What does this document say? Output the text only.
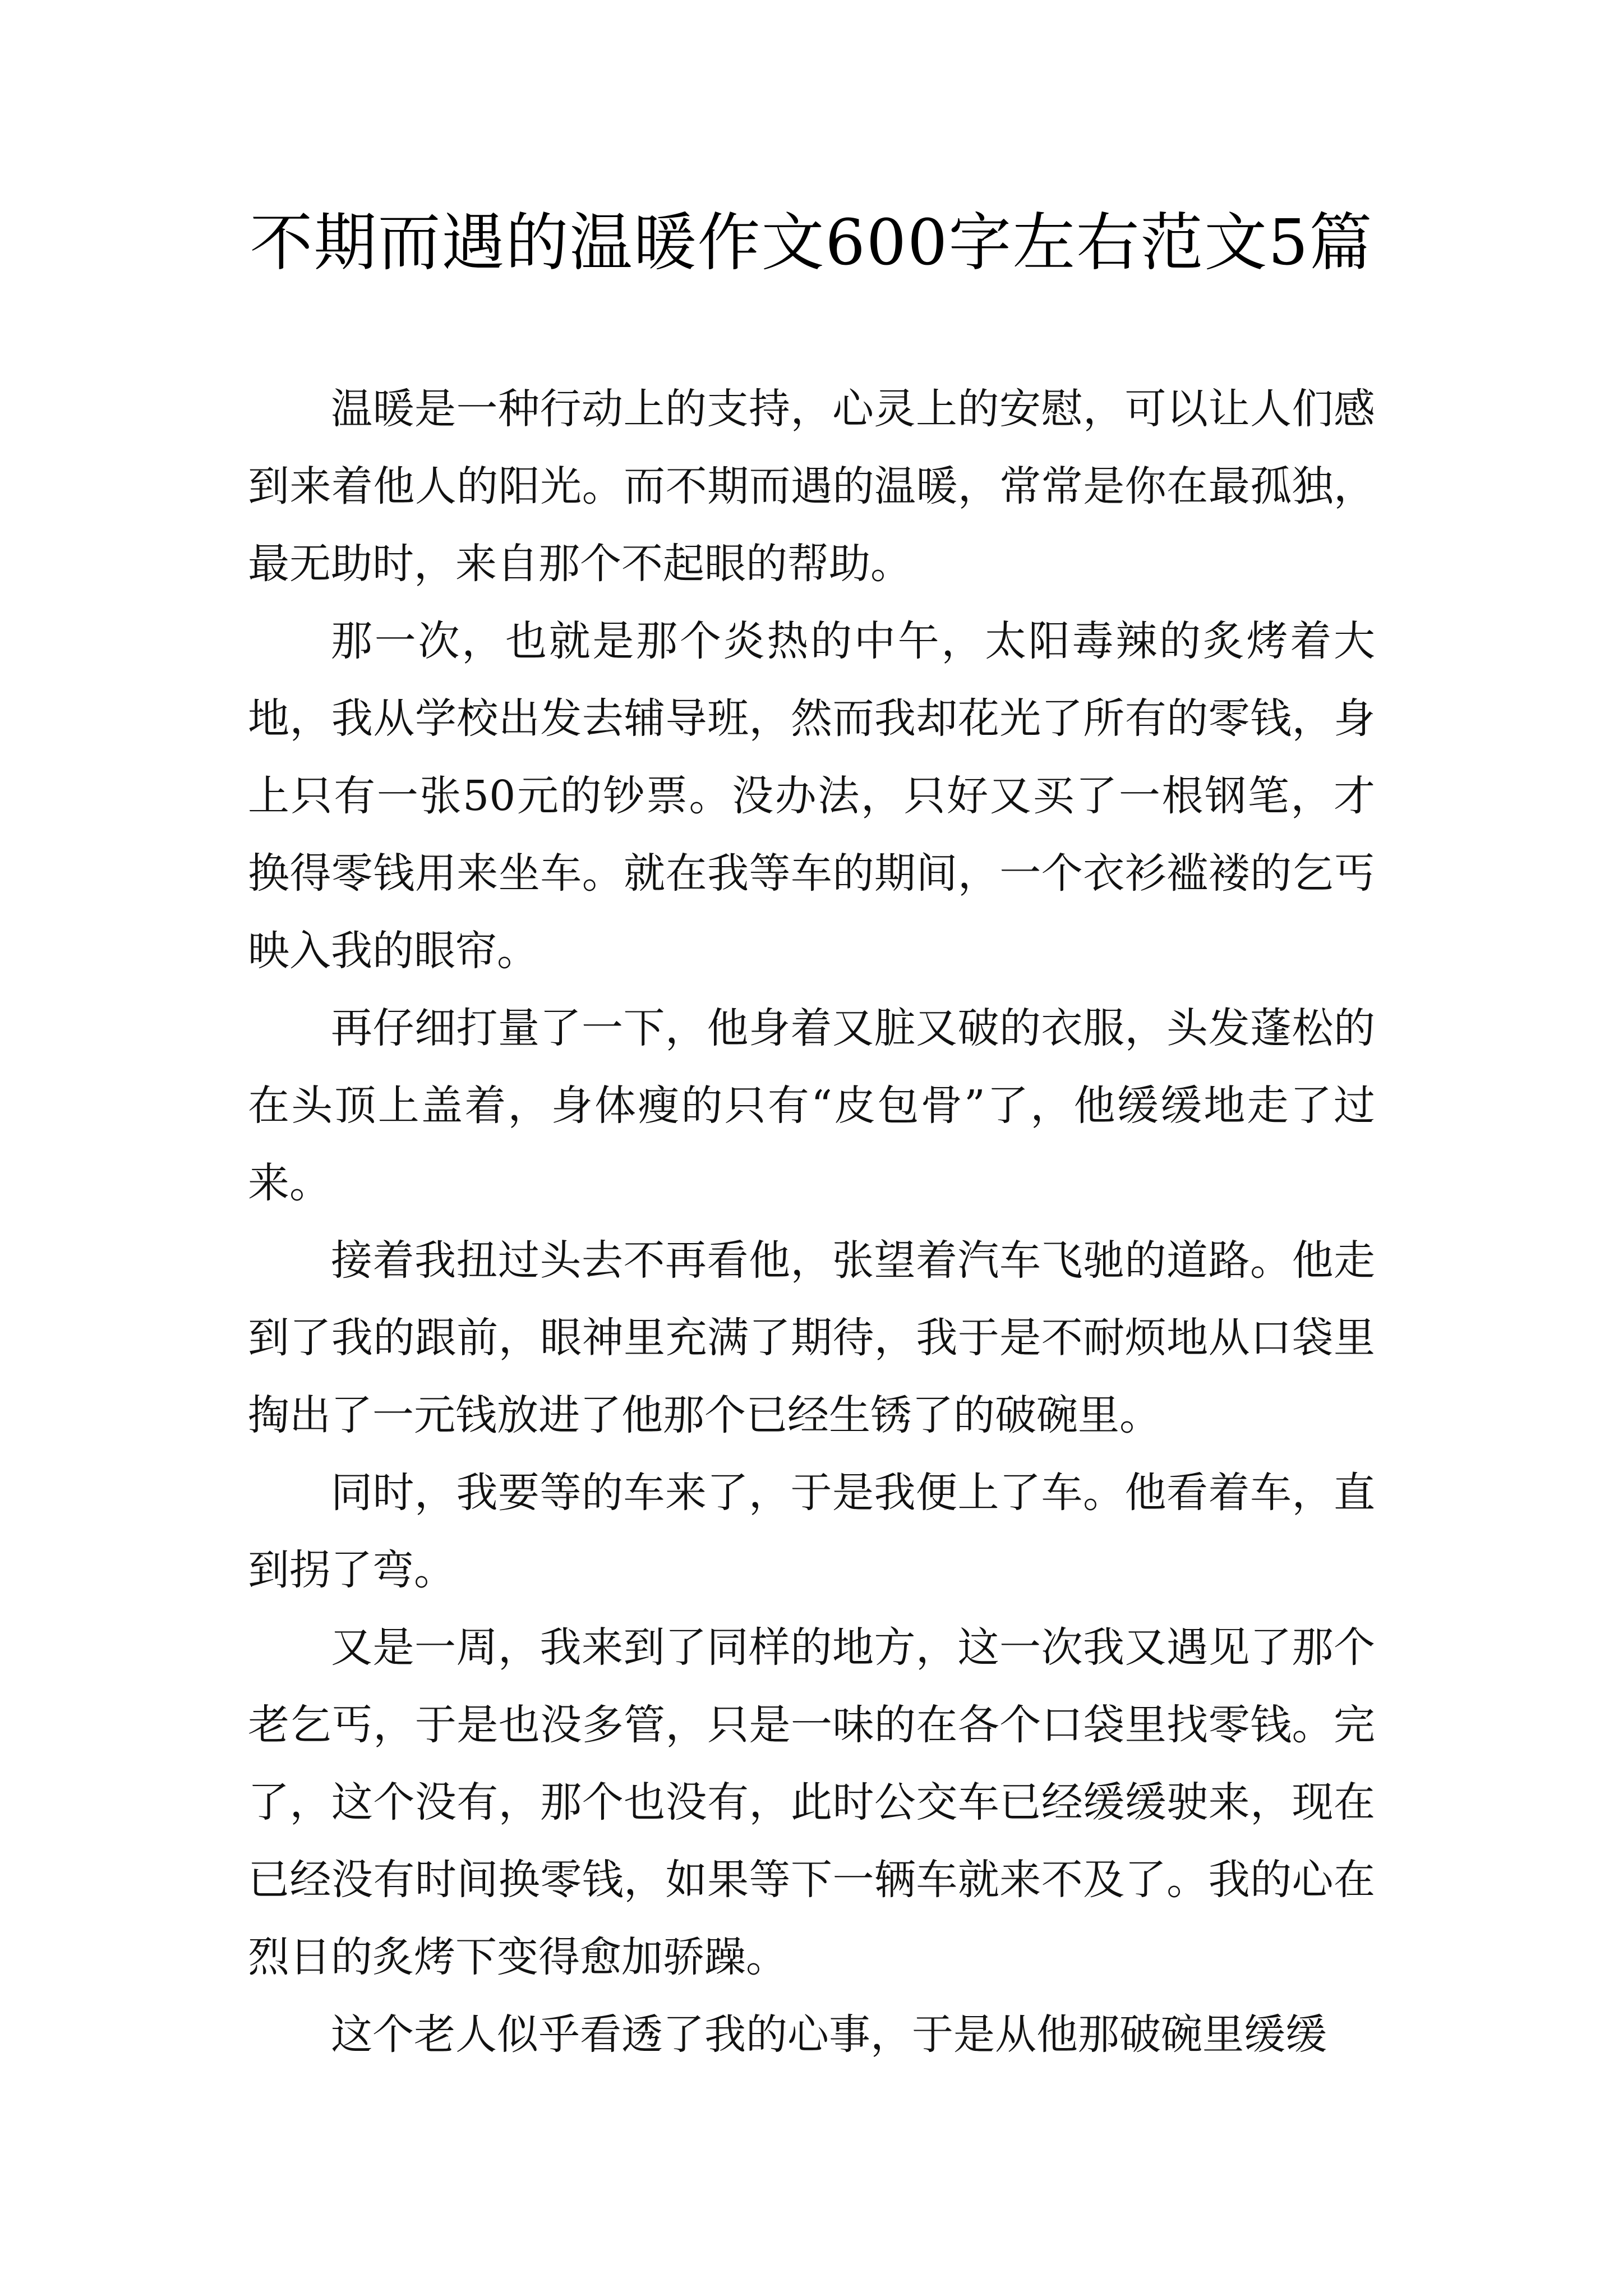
不期而遇的温暖作文600字左右范文5篇

温暖是一种行动上的支持，心灵上的安慰，可以让人们感到来着他人的阳光。而不期而遇的温暖，常常是你在最孤独，最无助时，来自那个不起眼的帮助。

那一次，也就是那个炎热的中午，太阳毒辣的炙烤着大地，我从学校出发去辅导班，然而我却花光了所有的零钱，身上只有一张50元的钞票。没办法，只好又买了一根钢笔，才换得零钱用来坐车。就在我等车的期间，一个衣衫褴褛的乞丐映入我的眼帘。

再仔细打量了一下，他身着又脏又破的衣服，头发蓬松的在头顶上盖着，身体瘦的只有“皮包骨”了，他缓缓地走了过来。

接着我扭过头去不再看他，张望着汽车飞驰的道路。他走到了我的跟前，眼神里充满了期待，我于是不耐烦地从口袋里掏出了一元钱放进了他那个已经生锈了的破碗里。

同时，我要等的车来了，于是我便上了车。他看着车，直到拐了弯。

又是一周，我来到了同样的地方，这一次我又遇见了那个老乞丐，于是也没多管，只是一味的在各个口袋里找零钱。完了，这个没有，那个也没有，此时公交车已经缓缓驶来，现在已经没有时间换零钱，如果等下一辆车就来不及了。我的心在烈日的炙烤下变得愈加骄躁。

这个老人似乎看透了我的心事，于是从他那破碗里缓缓
